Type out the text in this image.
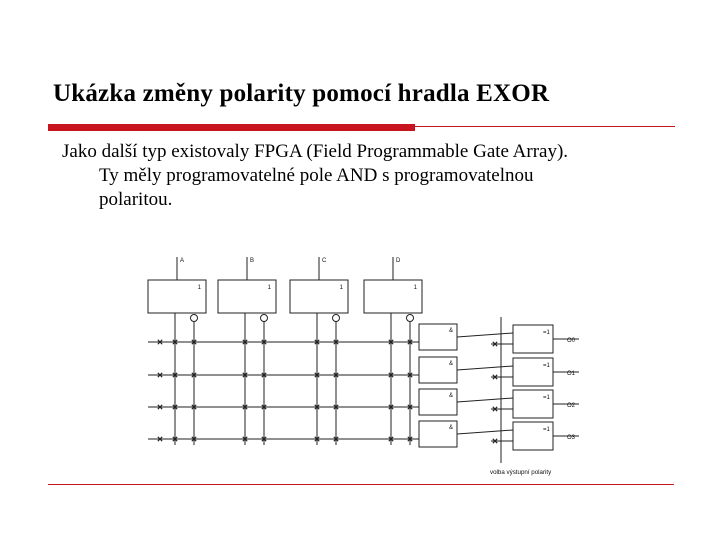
Ukázka změny polarity pomocí hradla EXOR

Jako další typ existovaly FPGA (Field Programmable Gate Array).
Ty měly programovatelné pole AND s programovatelnou
polaritou.

A
1
B
1
C
1
D
1
&
&
&
&
=1
O0
=1
O1
=1
O2
=1
O3
volba výstupní polarity
